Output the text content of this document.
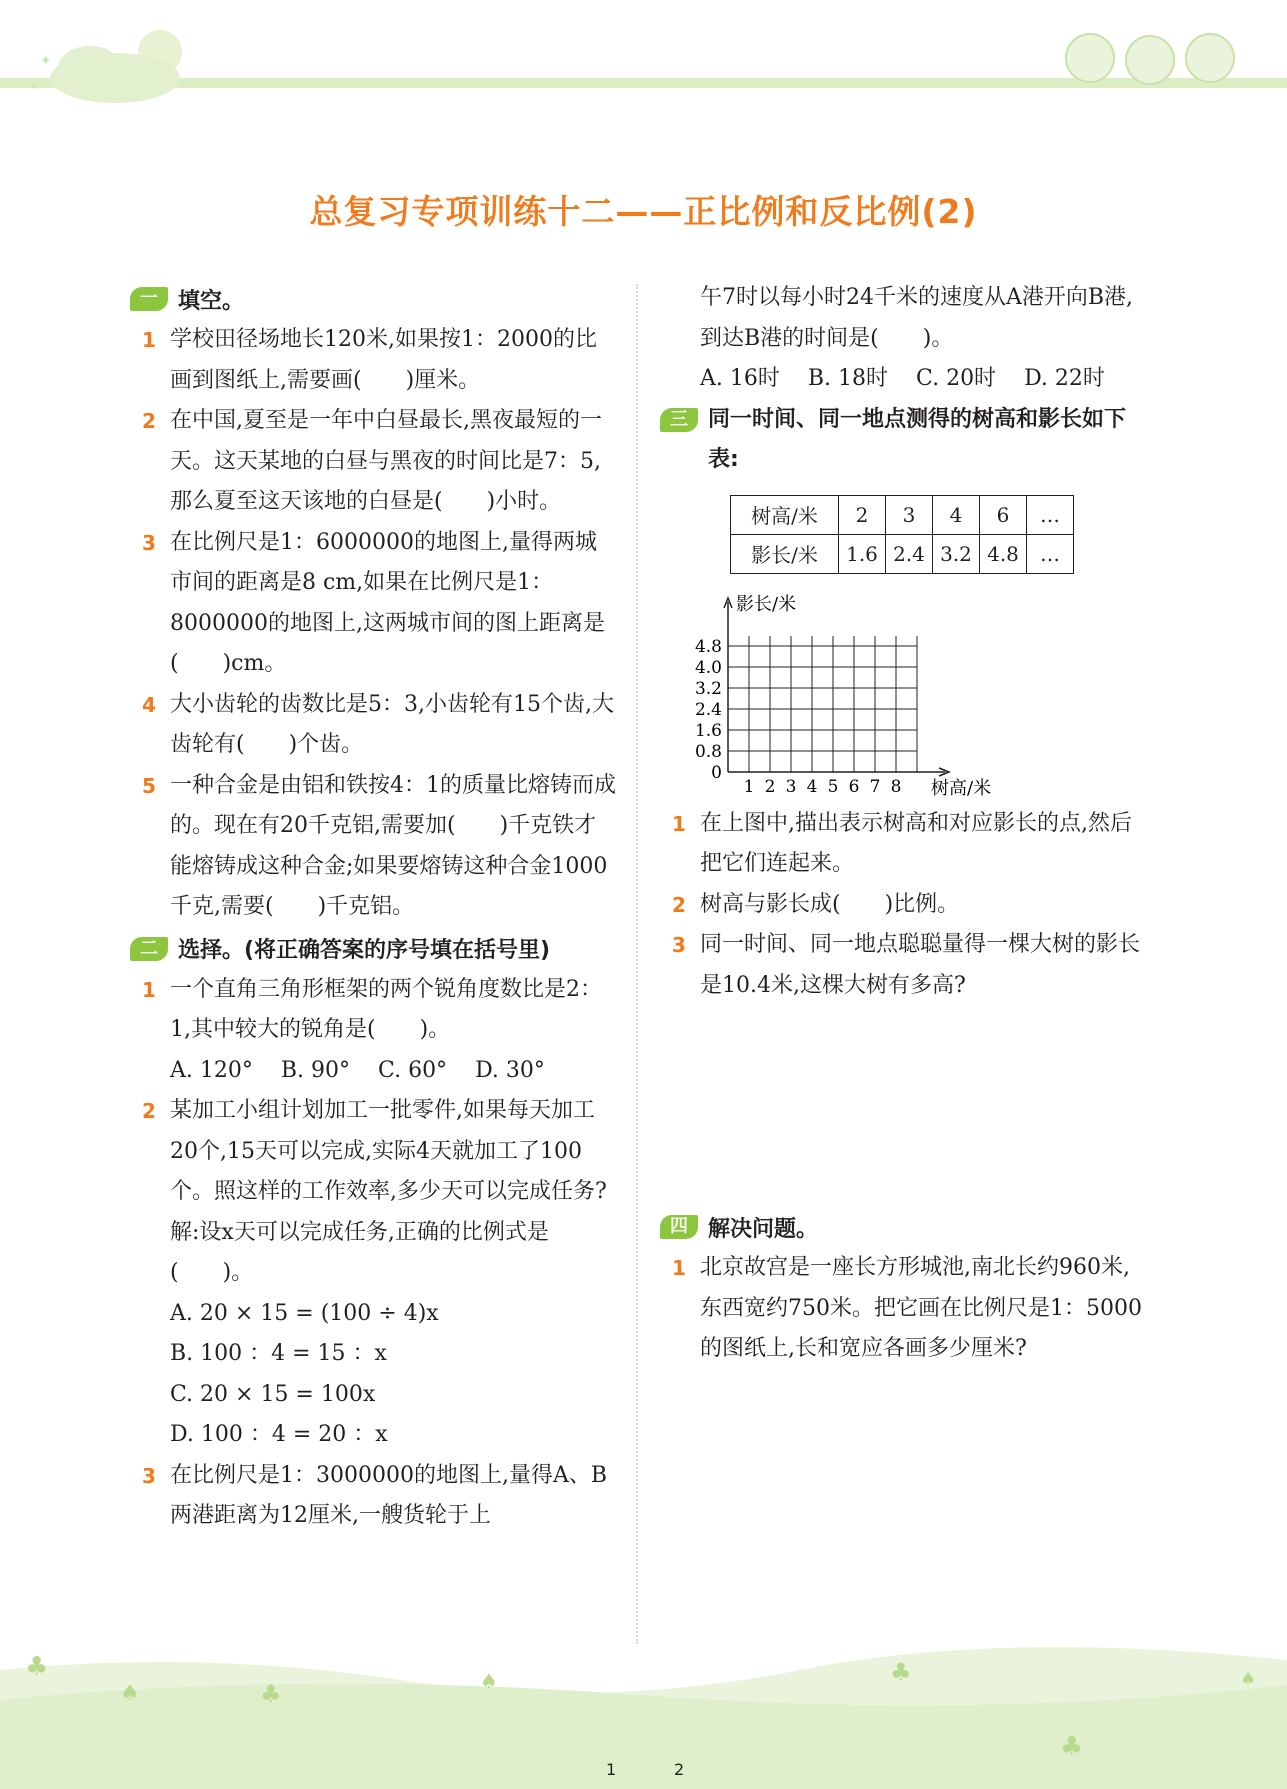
✦
✦
总复习专项训练十二——正比例和反比例(2)
一 填空。
1 学校田径场地长120米,如果按1：2000的比画到图纸上,需要画(　　)厘米。
2 在中国,夏至是一年中白昼最长,黑夜最短的一天。这天某地的白昼与黑夜的时间比是7：5,那么夏至这天该地的白昼是(　　)小时。
3 在比例尺是1：6000000的地图上,量得两城市间的距离是8 cm,如果在比例尺是1：8000000的地图上,这两城市间的图上距离是(　　)cm。
4 大小齿轮的齿数比是5：3,小齿轮有15个齿,大齿轮有(　　)个齿。
5 一种合金是由铝和铁按4：1的质量比熔铸而成的。现在有20千克铝,需要加(　　)千克铁才能熔铸成这种合金;如果要熔铸这种合金1000千克,需要(　　)千克铝。
二 选择。(将正确答案的序号填在括号里)
1 一个直角三角形框架的两个锐角度数比是2：1,其中较大的锐角是(　　)。
A. 120° B. 90° C. 60° D. 30°
2 某加工小组计划加工一批零件,如果每天加工20个,15天可以完成,实际4天就加工了100个。照这样的工作效率,多少天可以完成任务? 解:设x天可以完成任务,正确的比例式是(　　)。
A. 20 × 15 = (100 ÷ 4)x
B. 100 ：4 = 15 ：x
C. 20 × 15 = 100x
D. 100 ：4 = 20 ：x
3 在比例尺是1：3000000的地图上,量得A、B两港距离为12厘米,一艘货轮于上
午7时以每小时24千米的速度从A港开向B港,到达B港的时间是(　　)。
A. 16时 B. 18时 C. 20时 D. 22时
三 同一时间、同一地点测得的树高和影长如下表:
树高/米	2	3	4	6	…
影长/米	1.6	2.4	3.2	4.8	…
4.8
4.0
3.2
2.4
1.6
0.8
0
1 2 3 4 5 6 7 8
影长/米
树高/米
1 在上图中,描出表示树高和对应影长的点,然后把它们连起来。
2 树高与影长成(　　)比例。
3 同一时间、同一地点聪聪量得一棵大树的影长是10.4米,这棵大树有多高?
四 解决问题。
1 北京故宫是一座长方形城池,南北长约960米,东西宽约750米。把它画在比例尺是1：5000的图纸上,长和宽应各画多少厘米?
♣
♠	♣	♠	♣
♣
♠
1	2
